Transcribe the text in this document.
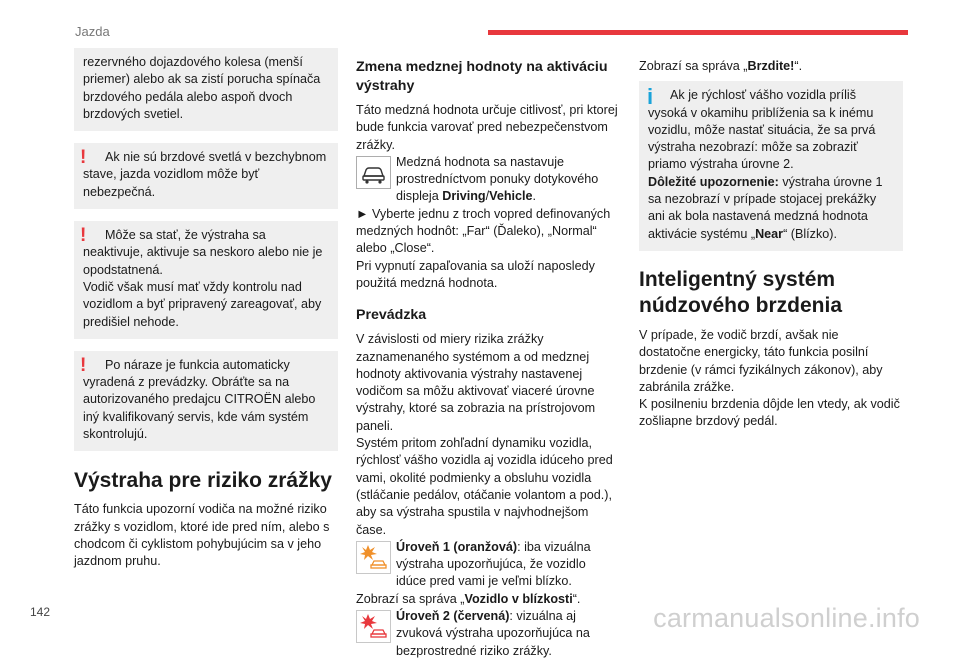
Jazda

rezervného dojazdového kolesa (menší priemer) alebo ak sa zistí porucha spínača brzdového pedála alebo aspoň dvoch brzdových svetiel.

!	Ak nie sú brzdové svetlá v bezchybnom stave, jazda vozidlom môže byť nebezpečná.

!	Môže sa stať, že výstraha sa neaktivuje, aktivuje sa neskoro alebo nie je opodstatnená.

Vodič však musí mať vždy kontrolu nad vozidlom a byť pripravený zareagovať, aby predišiel nehode.

!	Po náraze je funkcia automaticky vyradená z prevádzky. Obráťte sa na autorizovaného predajcu CITROËN alebo iný kvalifikovaný servis, kde vám systém skontrolujú.

Výstraha pre riziko zrážky

Táto funkcia upozorní vodiča na možné riziko zrážky s vozidlom, ktoré ide pred ním, alebo s chodcom či cyklistom pohybujúcim sa v jeho jazdnom pruhu.

Zmena medznej hodnoty na aktiváciu výstrahy

Táto medzná hodnota určuje citlivosť, pri ktorej bude funkcia varovať pred nebezpečenstvom zrážky.

Medzná hodnota sa nastavuje prostredníctvom ponuky dotykového displeja Driving/Vehicle.

► Vyberte jednu z troch vopred definovaných medzných hodnôt: „Far“ (Ďaleko), „Normal“ alebo „Close“.

Pri vypnutí zapaľovania sa uloží naposledy použitá medzná hodnota.

Prevádzka

V závislosti od miery rizika zrážky zaznamenaného systémom a od medznej hodnoty aktivovania výstrahy nastavenej vodičom sa môžu aktivovať viaceré úrovne výstrahy, ktoré sa zobrazia na prístrojovom paneli.

Systém pritom zohľadní dynamiku vozidla, rýchlosť vášho vozidla aj vozidla idúceho pred vami, okolité podmienky a obsluhu vozidla (stláčanie pedálov, otáčanie volantom a pod.), aby sa výstraha spustila v najvhodnejšom čase.

Úroveň 1 (oranžová): iba vizuálna výstraha upozorňujúca, že vozidlo idúce pred vami je veľmi blízko.
Zobrazí sa správa „Vozidlo v blízkosti“.
Úroveň 2 (červená): vizuálna aj zvuková výstraha upozorňujúca na bezprostredné riziko zrážky.

Zobrazí sa správa „Brzdite!“.

i	Ak je rýchlosť vášho vozidla príliš vysoká v okamihu priblíženia sa k inému vozidlu, môže nastať situácia, že sa prvá výstraha nezobrazí: môže sa zobraziť priamo výstraha úrovne 2.

Dôležité upozornenie: výstraha úrovne 1 sa nezobrazí v prípade stojacej prekážky ani ak bola nastavená medzná hodnota aktivácie systému „Near“ (Blízko).

Inteligentný systém núdzového brzdenia

V prípade, že vodič brzdí, avšak nie dostatočne energicky, táto funkcia posilní brzdenie (v rámci fyzikálnych zákonov), aby zabránila zrážke.

K posilneniu brzdenia dôjde len vtedy, ak vodič zošliapne brzdový pedál.

142	carmanualsonline.info
